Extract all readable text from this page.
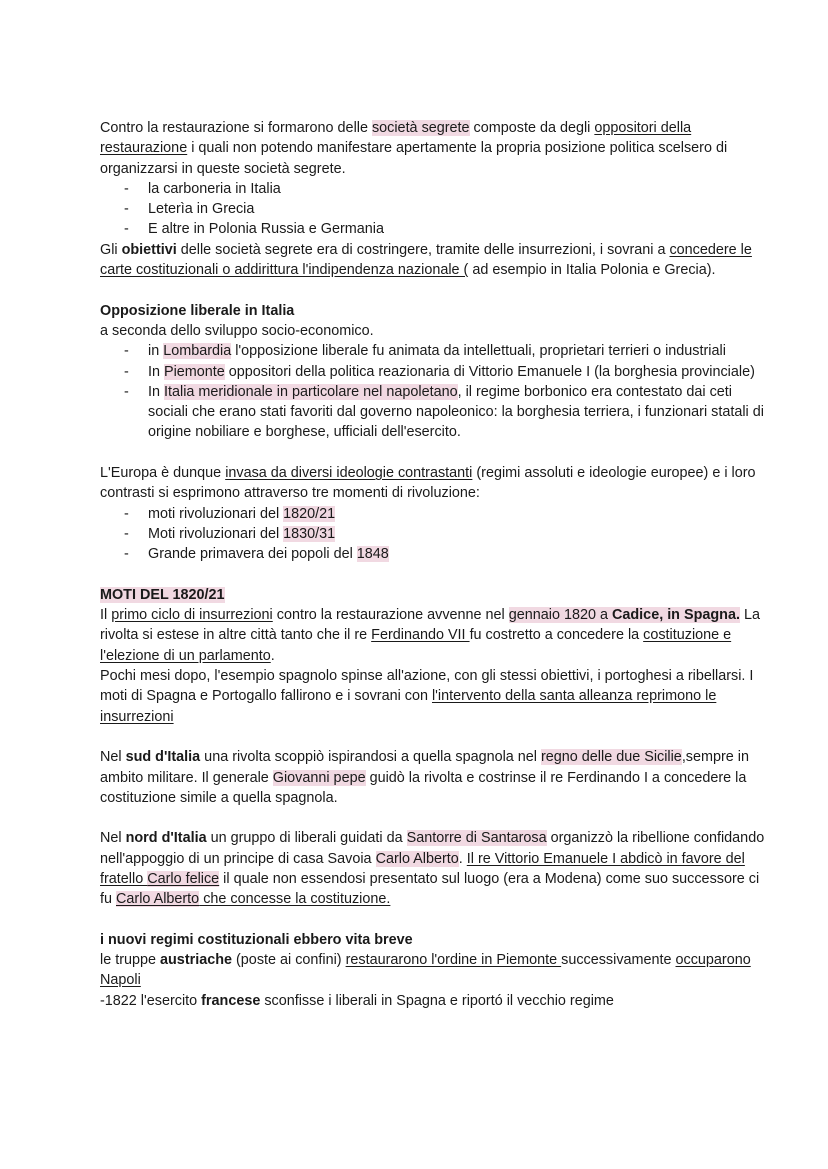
Contro la restaurazione si formarono delle società segrete composte da degli oppositori della restaurazione i quali non potendo manifestare apertamente la propria posizione politica scelsero di organizzarsi in queste società segrete.

- la carboneria in Italia
- Leterìa in Grecia
- E altre in Polonia Russia e Germania

Gli obiettivi delle società segrete era di costringere, tramite delle insurrezioni, i sovrani a concedere le carte costituzionali o addirittura l'indipendenza nazionale ( ad esempio in Italia Polonia e Grecia).

Opposizione liberale in Italia

a seconda dello sviluppo socio-economico.

- in Lombardia l'opposizione liberale fu animata da intellettuali, proprietari terrieri o industriali
- In Piemonte oppositori della politica reazionaria di Vittorio Emanuele I (la borghesia provinciale)
- In Italia meridionale in particolare nel napoletano, il regime borbonico era contestato dai ceti sociali che erano stati favoriti dal governo napoleonico: la borghesia terriera, i funzionari statali di origine nobiliare e borghese, ufficiali dell'esercito.

L'Europa è dunque invasa da diversi ideologie contrastanti (regimi assoluti e ideologie europee) e i loro contrasti si esprimono attraverso tre momenti di rivoluzione:

- moti rivoluzionari del 1820/21
- Moti rivoluzionari del 1830/31
- Grande primavera dei popoli del 1848

MOTI DEL 1820/21

Il primo ciclo di insurrezioni contro la restaurazione avvenne nel gennaio 1820 a Cadice, in Spagna. La rivolta si estese in altre città tanto che il re Ferdinando VII fu costretto a concedere la costituzione e l'elezione di un parlamento.

Pochi mesi dopo, l'esempio spagnolo spinse all'azione, con gli stessi obiettivi, i portoghesi a ribellarsi. I moti di Spagna e Portogallo fallirono e i sovrani con l'intervento della santa alleanza reprimono le insurrezioni

Nel sud d'Italia una rivolta scoppiò ispirandosi a quella spagnola nel regno delle due Sicilie,sempre in ambito militare. Il generale Giovanni pepe guidò la rivolta e costrinse il re Ferdinando I a concedere la costituzione simile a quella spagnola.

Nel nord d'Italia un gruppo di liberali guidati da Santorre di Santarosa organizzò la ribellione confidando nell'appoggio di un principe di casa Savoia Carlo Alberto. Il re Vittorio Emanuele I abdicò in favore del fratello Carlo felice il quale non essendosi presentato sul luogo (era a Modena) come suo successore ci fu Carlo Alberto che concesse la costituzione.

i nuovi regimi costituzionali ebbero vita breve

le truppe austriache (poste ai confini) restaurarono l'ordine in Piemonte successivamente occuparono Napoli

-1822 l'esercito francese sconfisse i liberali in Spagna e riportó il vecchio regime
